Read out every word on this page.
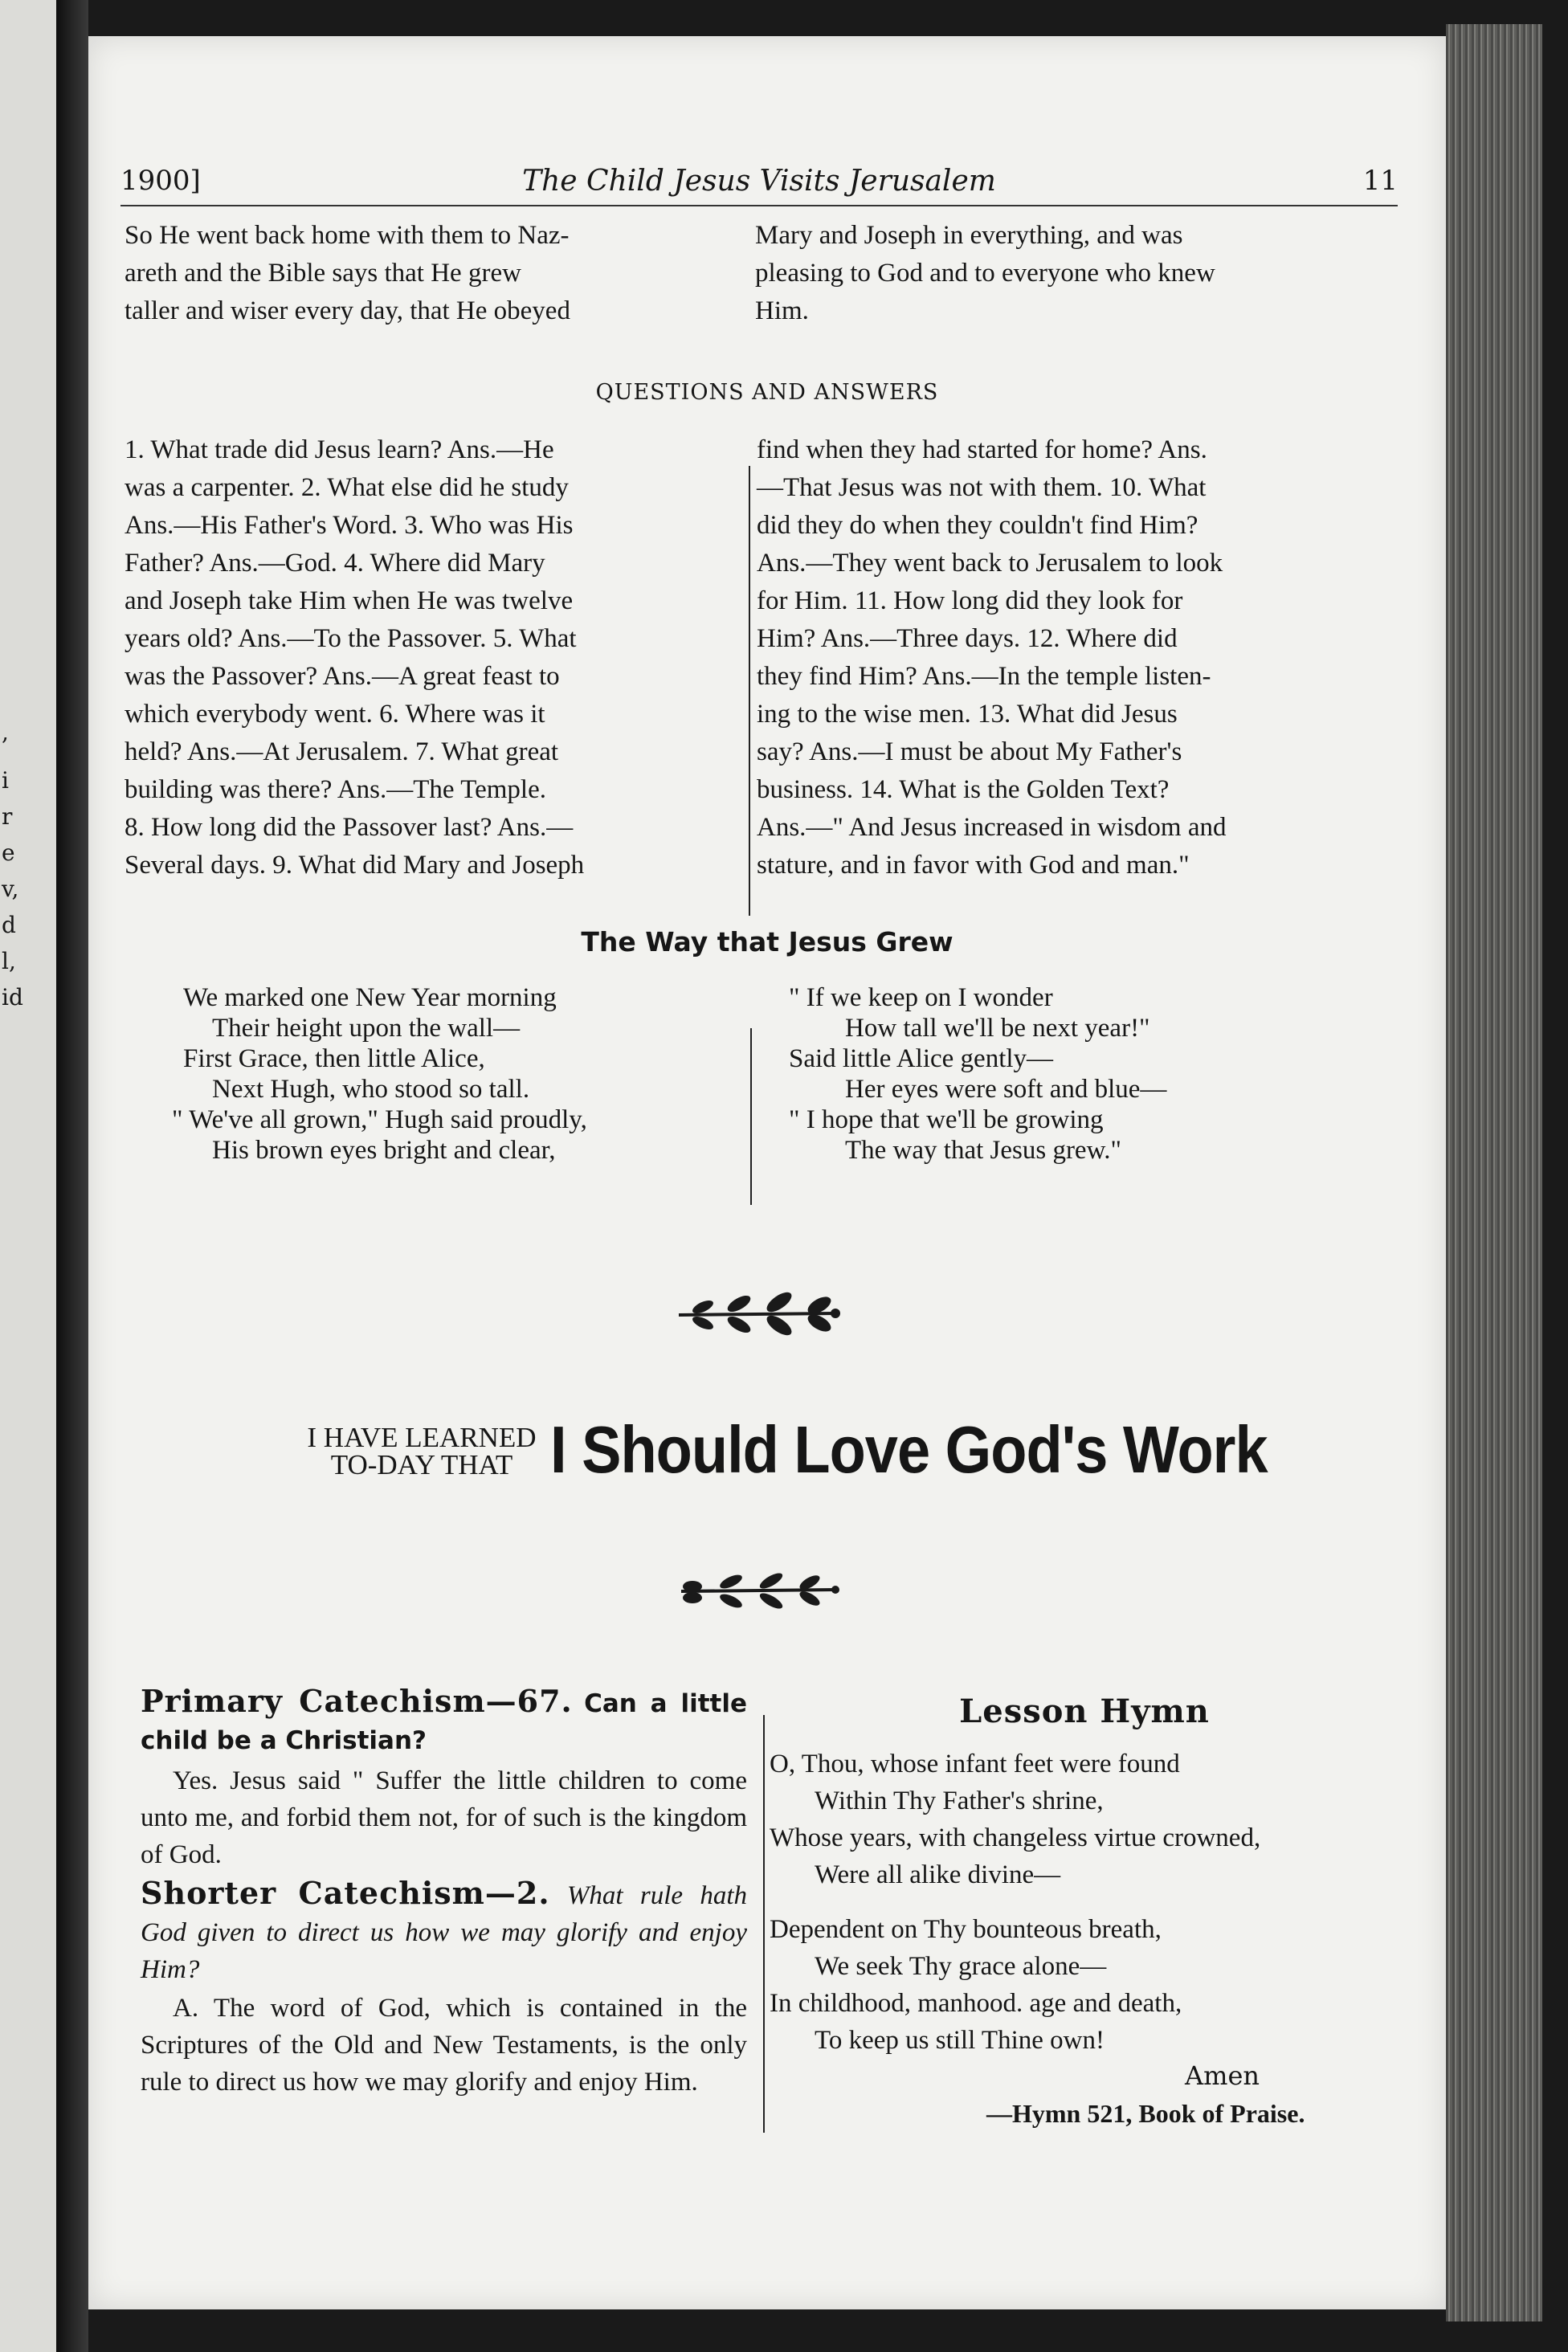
,
i
r
e
v,
d
l,
id
1900]	The Child Jesus Visits Jerusalem	11
So He went back home with them to Naz-
areth and the Bible says that He grew
taller and wiser every day, that He obeyed
Mary and Joseph in everything, and was
pleasing to God and to everyone who knew
Him.
QUESTIONS AND ANSWERS
1. What trade did Jesus learn? Ans.—He
was a carpenter. 2. What else did he study
Ans.—His Father's Word. 3. Who was His
Father? Ans.—God. 4. Where did Mary
and Joseph take Him when He was twelve
years old? Ans.—To the Passover. 5. What
was the Passover? Ans.—A great feast to
which everybody went. 6. Where was it
held? Ans.—At Jerusalem. 7. What great
building was there? Ans.—The Temple.
8. How long did the Passover last? Ans.—
Several days. 9. What did Mary and Joseph
find when they had started for home? Ans.
—That Jesus was not with them. 10. What
did they do when they couldn't find Him?
Ans.—They went back to Jerusalem to look
for Him. 11. How long did they look for
Him? Ans.—Three days. 12. Where did
they find Him? Ans.—In the temple listen-
ing to the wise men. 13. What did Jesus
say? Ans.—I must be about My Father's
business. 14. What is the Golden Text?
Ans.—" And Jesus increased in wisdom and
stature, and in favor with God and man."
The Way that Jesus Grew
We marked one New Year morning
Their height upon the wall—
First Grace, then little Alice,
Next Hugh, who stood so tall.
" We've all grown," Hugh said proudly,
His brown eyes bright and clear,
" If we keep on I wonder
How tall we'll be next year!"
Said little Alice gently—
Her eyes were soft and blue—
" I hope that we'll be growing
The way that Jesus grew."
I HAVE LEARNED
TO-DAY THAT I Should Love God's Work
Primary Catechism—67. Can a little child be a Christian?
Yes. Jesus said " Suffer the little children to come unto me, and forbid them not, for of such is the kingdom of God.
Shorter Catechism—2. What rule hath God given to direct us how we may glorify and enjoy Him?
A. The word of God, which is contained in the Scriptures of the Old and New Testaments, is the only rule to direct us how we may glorify and enjoy Him.
Lesson Hymn
O, Thou, whose infant feet were found
Within Thy Father's shrine,
Whose years, with changeless virtue crowned,
Were all alike divine—
Dependent on Thy bounteous breath,
We seek Thy grace alone—
In childhood, manhood. age and death,
To keep us still Thine own!
Amen
—Hymn 521, Book of Praise.
